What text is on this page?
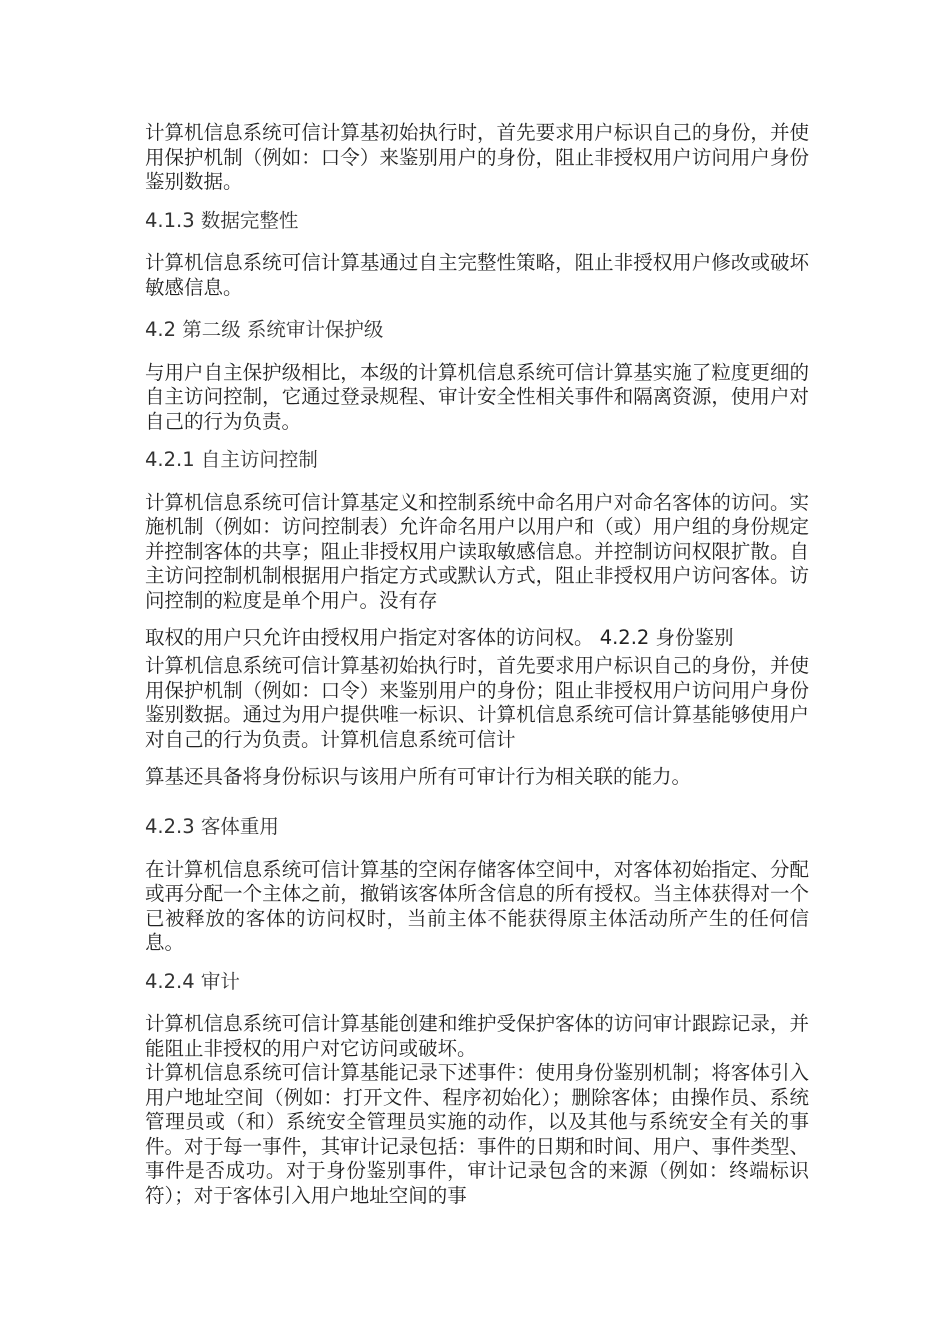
计算机信息系统可信计算基初始执行时，首先要求用户标识自己的身份，并使用保护机制（例如：口令）来鉴别用户的身份，阻止非授权用户访问用户身份鉴别数据。

4.1.3 数据完整性

计算机信息系统可信计算基通过自主完整性策略，阻止非授权用户修改或破坏敏感信息。

4.2 第二级 系统审计保护级

与用户自主保护级相比，本级的计算机信息系统可信计算基实施了粒度更细的自主访问控制，它通过登录规程、审计安全性相关事件和隔离资源，使用户对自己的行为负责。

4.2.1 自主访问控制

计算机信息系统可信计算基定义和控制系统中命名用户对命名客体的访问。实施机制（例如：访问控制表）允许命名用户以用户和（或）用户组的身份规定并控制客体的共享；阻止非授权用户读取敏感信息。并控制访问权限扩散。自主访问控制机制根据用户指定方式或默认方式，阻止非授权用户访问客体。访问控制的粒度是单个用户。没有存

取权的用户只允许由授权用户指定对客体的访问权。 4.2.2 身份鉴别

计算机信息系统可信计算基初始执行时，首先要求用户标识自己的身份，并使用保护机制（例如：口令）来鉴别用户的身份；阻止非授权用户访问用户身份鉴别数据。通过为用户提供唯一标识、计算机信息系统可信计算基能够使用户对自己的行为负责。计算机信息系统可信计

算基还具备将身份标识与该用户所有可审计行为相关联的能力。

4.2.3 客体重用

在计算机信息系统可信计算基的空闲存储客体空间中，对客体初始指定、分配或再分配一个主体之前，撤销该客体所含信息的所有授权。当主体获得对一个已被释放的客体的访问权时，当前主体不能获得原主体活动所产生的任何信息。

4.2.4 审计

计算机信息系统可信计算基能创建和维护受保护客体的访问审计跟踪记录，并能阻止非授权的用户对它访问或破坏。

计算机信息系统可信计算基能记录下述事件：使用身份鉴别机制；将客体引入用户地址空间（例如：打开文件、程序初始化）；删除客体；由操作员、系统管理员或（和）系统安全管理员实施的动作，以及其他与系统安全有关的事件。对于每一事件，其审计记录包括：事件的日期和时间、用户、事件类型、事件是否成功。对于身份鉴别事件，审计记录包含的来源（例如：终端标识符）；对于客体引入用户地址空间的事
